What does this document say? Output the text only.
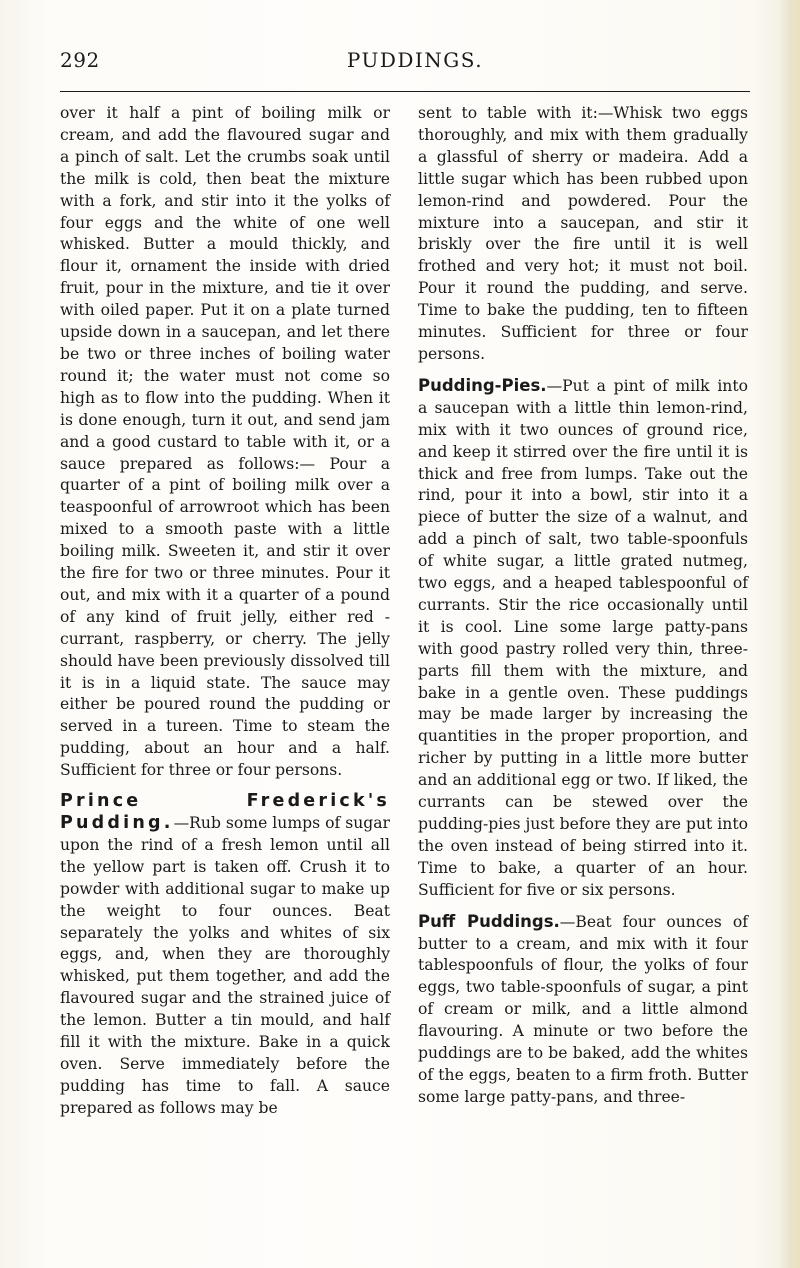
292	PUDDINGS.

over it half a pint of boiling milk or cream, and add the flavoured sugar and a pinch of salt. Let the crumbs soak until the milk is cold, then beat the mixture with a fork, and stir into it the yolks of four eggs and the white of one well whisked. Butter a mould thickly, and flour it, ornament the inside with dried fruit, pour in the mixture, and tie it over with oiled paper. Put it on a plate turned upside down in a saucepan, and let there be two or three inches of boiling water round it; the water must not come so high as to flow into the pudding. When it is done enough, turn it out, and send jam and a good custard to table with it, or a sauce prepared as follows:— Pour a quarter of a pint of boiling milk over a teaspoonful of arrowroot which has been mixed to a smooth paste with a little boiling milk. Sweeten it, and stir it over the fire for two or three minutes. Pour it out, and mix with it a quarter of a pound of any kind of fruit jelly, either red - currant, raspberry, or cherry. The jelly should have been previously dissolved till it is in a liquid state. The sauce may either be poured round the pudding or served in a tureen. Time to steam the pudding, about an hour and a half. Sufficient for three or four persons.

Prince Frederick's Pudding.—Rub some lumps of sugar upon the rind of a fresh lemon until all the yellow part is taken off. Crush it to powder with additional sugar to make up the weight to four ounces. Beat separately the yolks and whites of six eggs, and, when they are thoroughly whisked, put them together, and add the flavoured sugar and the strained juice of the lemon. Butter a tin mould, and half fill it with the mixture. Bake in a quick oven. Serve immediately before the pudding has time to fall. A sauce prepared as follows may be

sent to table with it:—Whisk two eggs thoroughly, and mix with them gradually a glassful of sherry or madeira. Add a little sugar which has been rubbed upon lemon-rind and powdered. Pour the mixture into a saucepan, and stir it briskly over the fire until it is well frothed and very hot; it must not boil. Pour it round the pudding, and serve. Time to bake the pudding, ten to fifteen minutes. Sufficient for three or four persons.

Pudding-Pies.—Put a pint of milk into a saucepan with a little thin lemon-rind, mix with it two ounces of ground rice, and keep it stirred over the fire until it is thick and free from lumps. Take out the rind, pour it into a bowl, stir into it a piece of butter the size of a walnut, and add a pinch of salt, two table-spoonfuls of white sugar, a little grated nutmeg, two eggs, and a heaped tablespoonful of currants. Stir the rice occasionally until it is cool. Line some large patty-pans with good pastry rolled very thin, three-parts fill them with the mixture, and bake in a gentle oven. These puddings may be made larger by increasing the quantities in the proper proportion, and richer by putting in a little more butter and an additional egg or two. If liked, the currants can be stewed over the pudding-pies just before they are put into the oven instead of being stirred into it. Time to bake, a quarter of an hour. Sufficient for five or six persons.

Puff Puddings.—Beat four ounces of butter to a cream, and mix with it four tablespoonfuls of flour, the yolks of four eggs, two table-spoonfuls of sugar, a pint of cream or milk, and a little almond flavouring. A minute or two before the puddings are to be baked, add the whites of the eggs, beaten to a firm froth. Butter some large patty-pans, and three-
